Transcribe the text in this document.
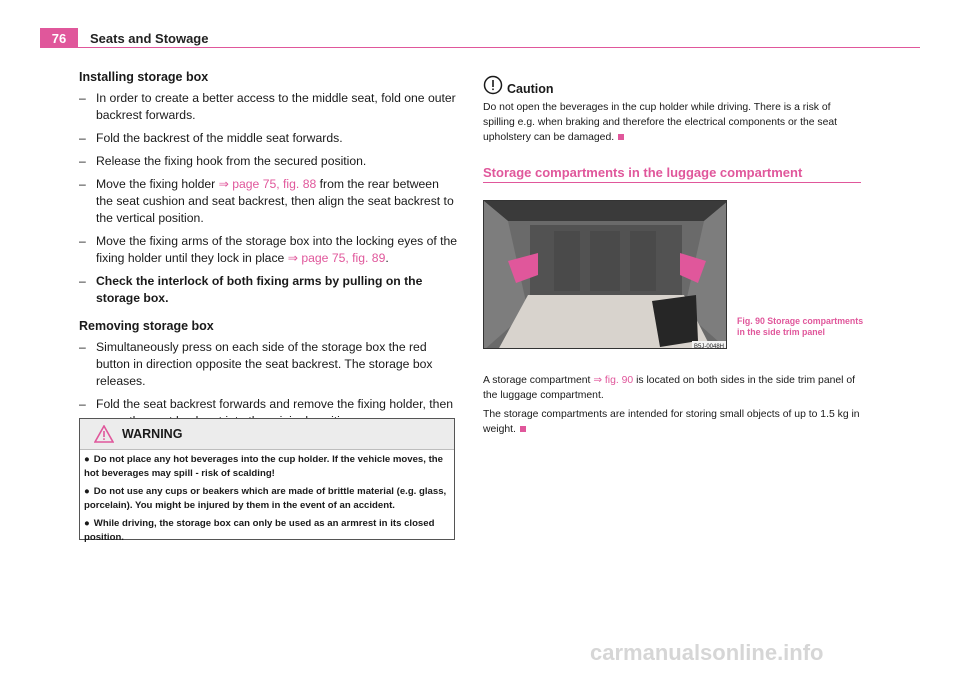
76	Seats and Stowage
Installing storage box
– In order to create a better access to the middle seat, fold one outer backrest forwards.
– Fold the backrest of the middle seat forwards.
– Release the fixing hook from the secured position.
– Move the fixing holder ⇒ page 75, fig. 88 from the rear between the seat cushion and seat backrest, then align the seat backrest to the vertical position.
– Move the fixing arms of the storage box into the locking eyes of the fixing holder until they lock in place ⇒ page 75, fig. 89.
– Check the interlock of both fixing arms by pulling on the storage box.
Removing storage box
– Simultaneously press on each side of the storage box the red button in direction opposite the seat backrest. The storage box releases.
– Fold the seat backrest forwards and remove the fixing holder, then
WARNING

● Do not place any hot beverages into the cup holder. If the vehicle moves, the hot beverages may spill - risk of scalding!

● Do not use any cups or beakers which are made of brittle material (e.g. glass, porcelain). You might be injured by them in the event of an accident.

● While driving, the storage box can only be used as an armrest in its closed position.

Caution

Do not open the beverages in the cup holder while driving. There is a risk of spilling e.g. when braking and therefore the electrical components or the seat upholstery can be damaged.

Storage compartments in the luggage compartment
B5J-0048H
Fig. 90 Storage compartments in the side trim panel

A storage compartment ⇒ fig. 90 is located on both sides in the side trim panel of the luggage compartment.

The storage compartments are intended for storing small objects of up to 1.5 kg in weight.

carmanualsonline.info
